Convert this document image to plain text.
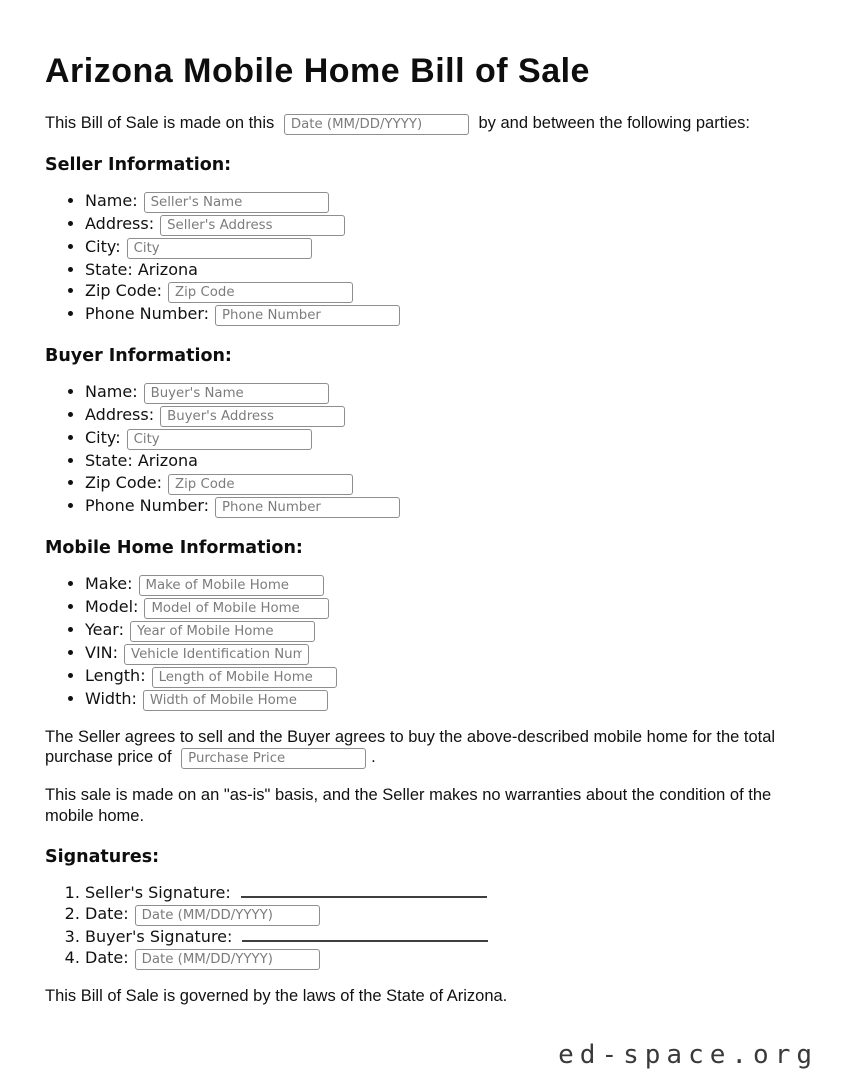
Arizona Mobile Home Bill of Sale

This Bill of Sale is made on this Date (MM/DD/YYYY)	by and between the following parties:

Seller Information:
• Name:Seller's Name
• Address:Seller's Address
• City:City
• State: Arizona
• Zip Code:Zip Code
• Phone Number:Phone Number
Buyer Information:
• Name:Buyer's Name
• Address:Buyer's Address
• City:City
• State: Arizona
• Zip Code:Zip Code
• Phone Number:Phone Number
Mobile Home Information:
• Make:Make of Mobile Home
• Model:Model of Mobile Home
• Year:Year of Mobile Home
• VIN:Vehicle Identification Num
• Length:Length of Mobile Home
• Width:Width of Mobile Home

The Seller agrees to sell and the Buyer agrees to buy the above-described mobile home for the total purchase price of Purchase Price	.

This sale is made on an "as-is" basis, and the Seller makes no warranties about the condition of the mobile home.

Signatures:
1. Seller's Signature:
2. Date:Date (MM/DD/YYYY)
3. Buyer's Signature:
4. Date:Date (MM/DD/YYYY)

This Bill of Sale is governed by the laws of the State of Arizona.

ed-space.org
